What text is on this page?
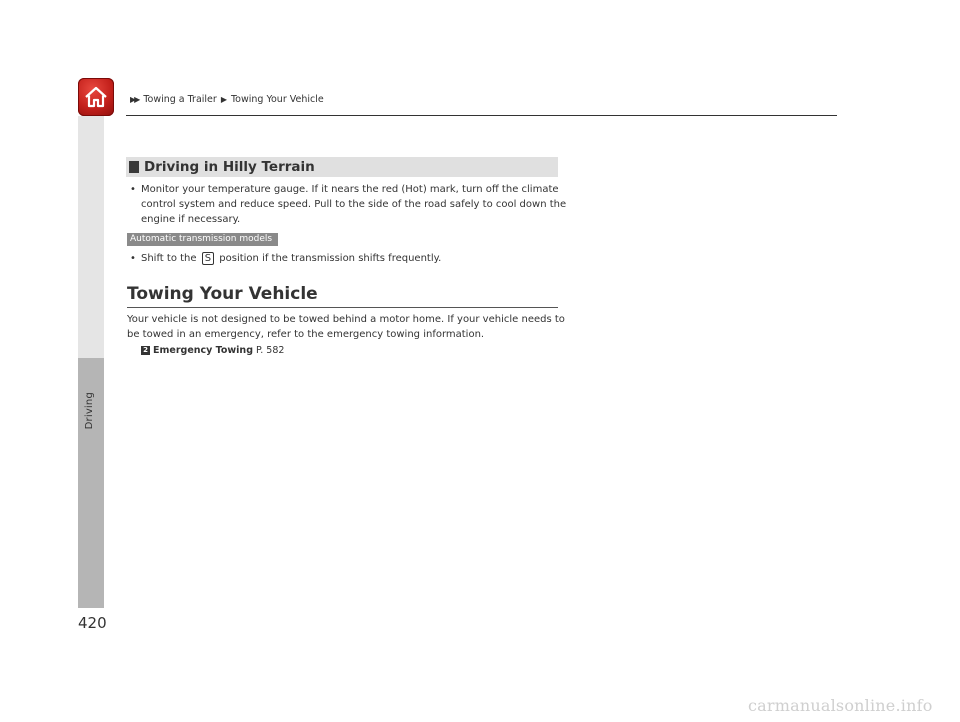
▶▶ Towing a Trailer ▶ Towing Your Vehicle
Driving
420
Driving in Hilly Terrain
• Monitor your temperature gauge. If it nears the red (Hot) mark, turn off the climate control system and reduce speed. Pull to the side of the road safely to cool down the engine if necessary.
Automatic transmission models
• Shift to the S position if the transmission shifts frequently.
Towing Your Vehicle
Your vehicle is not designed to be towed behind a motor home. If your vehicle needs to be towed in an emergency, refer to the emergency towing information.
2 Emergency Towing P. 582
carmanualsonline.info
